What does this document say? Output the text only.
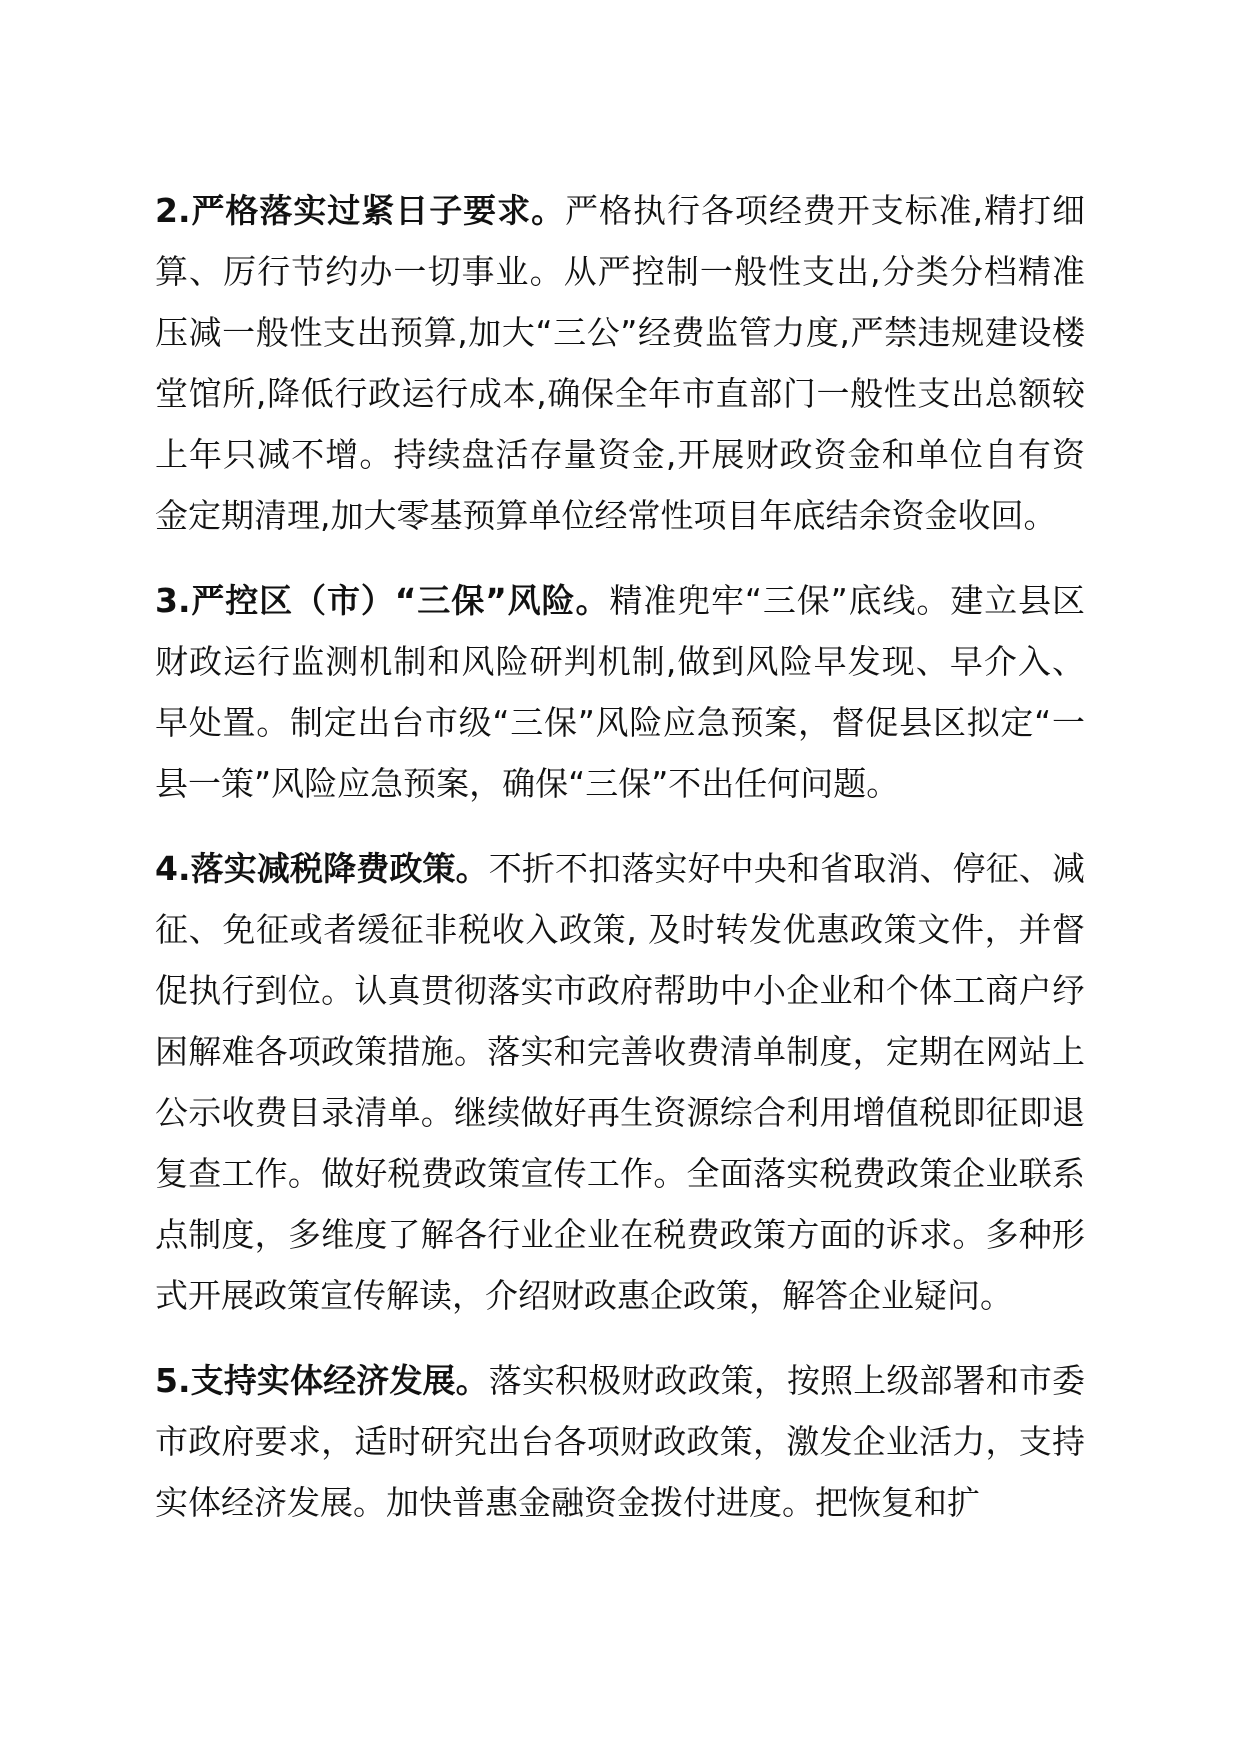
2.严格落实过紧日子要求。严格执行各项经费开支标准,精打细算、厉行节约办一切事业。从严控制一般性支出,分类分档精准压减一般性支出预算,加大“三公”经费监管力度,严禁违规建设楼堂馆所,降低行政运行成本,确保全年市直部门一般性支出总额较上年只减不增。持续盘活存量资金,开展财政资金和单位自有资金定期清理,加大零基预算单位经常性项目年底结余资金收回。

3.严控区（市）“三保”风险。精准兜牢“三保”底线。建立县区财政运行监测机制和风险研判机制,做到风险早发现、早介入、早处置。制定出台市级“三保”风险应急预案，督促县区拟定“一县一策”风险应急预案，确保“三保”不出任何问题。

4.落实减税降费政策。不折不扣落实好中央和省取消、停征、减征、免征或者缓征非税收入政策, 及时转发优惠政策文件，并督促执行到位。认真贯彻落实市政府帮助中小企业和个体工商户纾困解难各项政策措施。落实和完善收费清单制度，定期在网站上公示收费目录清单。继续做好再生资源综合利用增值税即征即退复查工作。做好税费政策宣传工作。全面落实税费政策企业联系点制度，多维度了解各行业企业在税费政策方面的诉求。多种形式开展政策宣传解读，介绍财政惠企政策，解答企业疑问。

5.支持实体经济发展。落实积极财政政策，按照上级部署和市委市政府要求，适时研究出台各项财政政策，激发企业活力，支持实体经济发展。加快普惠金融资金拨付进度。把恢复和扩
